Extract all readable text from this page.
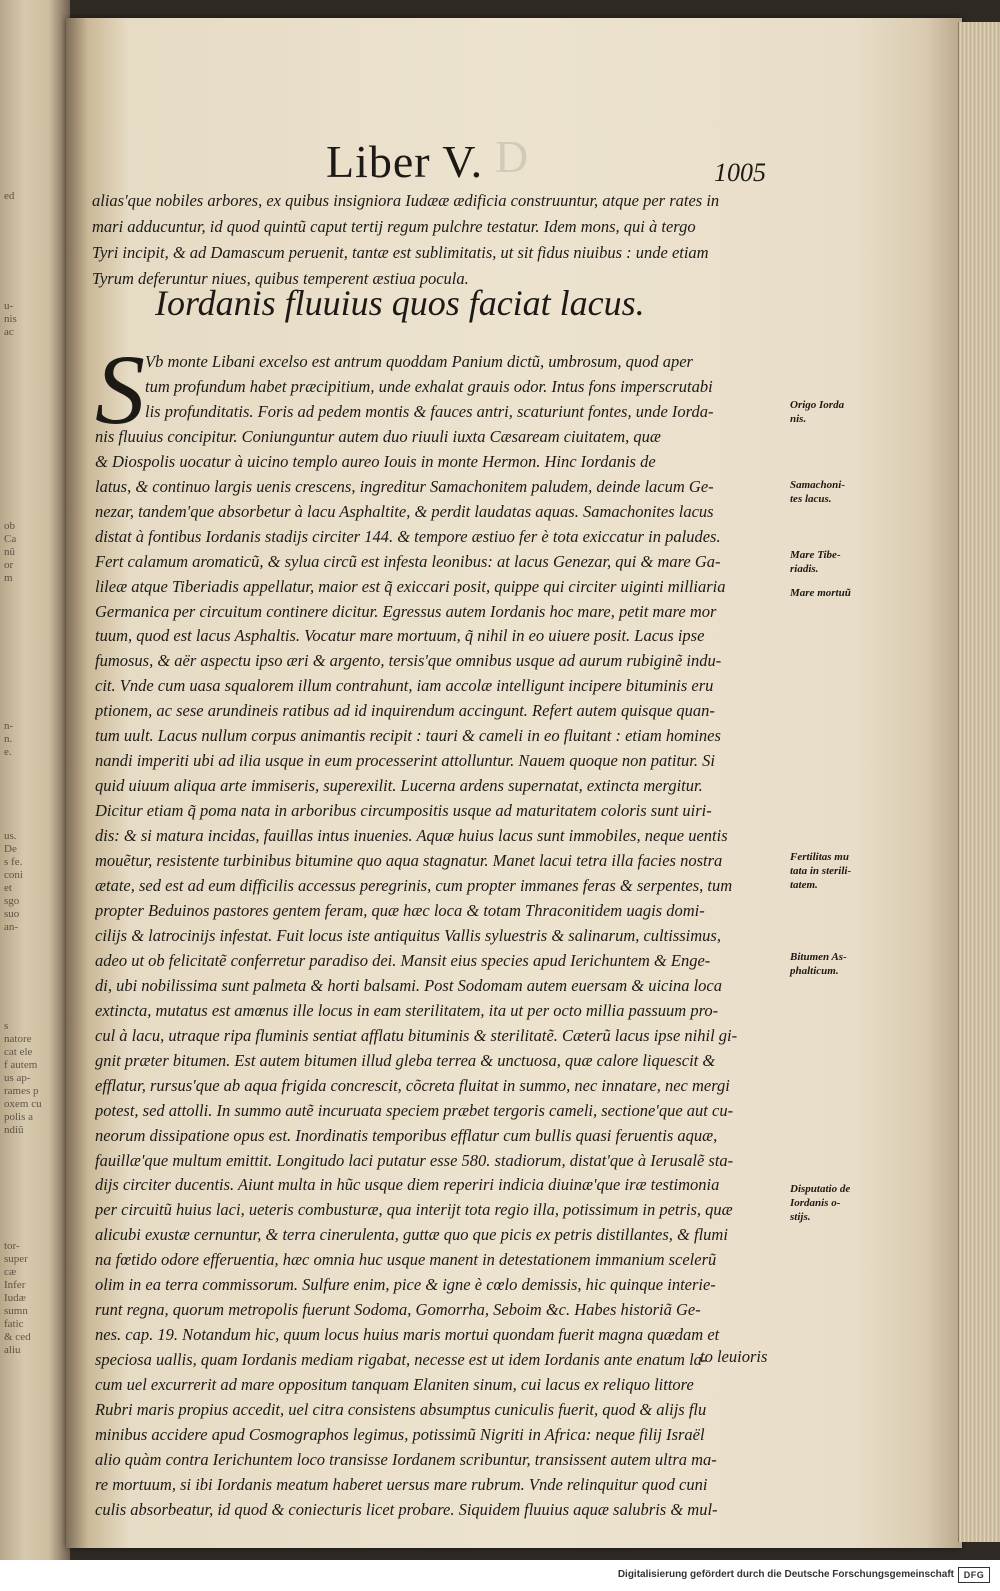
ed
u-
nis
ac
ob
Ca
nũ
or
m
n-
n.
e.
us.
De
s fe.
coni
et
sgo
suo
an-
s
natore
cat ele
f autem
us ap-
rames p
oxem cu
polis a
ndiũ
tor-
super
cæ
Infer
Iudæ
sumn
fatic
& ced
aliu
D
Liber V.	1005
alias'que nobiles arbores, ex quibus insigniora Iudææ ædificia construuntur, atque per rates in
mari adducuntur, id quod quintũ caput tertij regum pulchre testatur. Idem mons, qui à tergo
Tyri incipit, & ad Damascum peruenit, tantæ est sublimitatis, ut sit fidus niuibus : unde etiam
Tyrum deferuntur niues, quibus temperent æstiua pocula.
Iordanis fluuius quos faciat lacus.
S Vb monte Libani excelso est antrum quoddam Panium dictũ, umbrosum, quod aper
tum profundum habet præcipitium, unde exhalat grauis odor. Intus fons imperscrutabi
lis profunditatis. Foris ad pedem montis & fauces antri, scaturiunt fontes, unde Iorda-
nis fluuius concipitur. Coniunguntur autem duo riuuli iuxta Cæsaream ciuitatem, quæ
& Diospolis uocatur à uicino templo aureo Iouis in monte Hermon. Hinc Iordanis de
latus, & continuo largis uenis crescens, ingreditur Samachonitem paludem, deinde lacum Ge-
nezar, tandem'que absorbetur à lacu Asphaltite, & perdit laudatas aquas. Samachonites lacus
distat à fontibus Iordanis stadijs circiter 144. & tempore æstiuo fer è tota exiccatur in paludes.
Fert calamum aromaticũ, & sylua circũ est infesta leonibus: at lacus Genezar, qui & mare Ga-
lileæ atque Tiberiadis appellatur, maior est q̃ exiccari posit, quippe qui circiter uiginti milliaria
Germanica per circuitum continere dicitur. Egressus autem Iordanis hoc mare, petit mare mor
tuum, quod est lacus Asphaltis. Vocatur mare mortuum, q̃ nihil in eo uiuere posit. Lacus ipse
fumosus, & aër aspectu ipso æri & argento, tersis'que omnibus usque ad aurum rubiginẽ indu-
cit. Vnde cum uasa squalorem illum contrahunt, iam accolæ intelligunt incipere bituminis eru
ptionem, ac sese arundineis ratibus ad id inquirendum accingunt. Refert autem quisque quan-
tum uult. Lacus nullum corpus animantis recipit : tauri & cameli in eo fluitant : etiam homines
nandi imperiti ubi ad ilia usque in eum processerint attolluntur. Nauem quoque non patitur. Si
quid uiuum aliqua arte immiseris, superexilit. Lucerna ardens supernatat, extincta mergitur.
Dicitur etiam q̃ poma nata in arboribus circumpositis usque ad maturitatem coloris sunt uiri-
dis: & si matura incidas, fauillas intus inuenies. Aquæ huius lacus sunt immobiles, neque uentis
mouẽtur, resistente turbinibus bitumine quo aqua stagnatur. Manet lacui tetra illa facies nostra
ætate, sed est ad eum difficilis accessus peregrinis, cum propter immanes feras & serpentes, tum
propter Beduinos pastores gentem feram, quæ hæc loca & totam Thraconitidem uagis domi-
cilijs & latrocinijs infestat. Fuit locus iste antiquitus Vallis syluestris & salinarum, cultissimus,
adeo ut ob felicitatẽ conferretur paradiso dei. Mansit eius species apud Ierichuntem & Enge-
di, ubi nobilissima sunt palmeta & horti balsami. Post Sodomam autem euersam & uicina loca
extincta, mutatus est amœnus ille locus in eam sterilitatem, ita ut per octo millia passuum pro-
cul à lacu, utraque ripa fluminis sentiat afflatu bituminis & sterilitatẽ. Cæterũ lacus ipse nihil gi-
gnit præter bitumen. Est autem bitumen illud gleba terrea & unctuosa, quæ calore liquescit &
efflatur, rursus'que ab aqua frigida concrescit, cõcreta fluitat in summo, nec innatare, nec mergi
potest, sed attolli. In summo autẽ incuruata speciem præbet tergoris cameli, sectione'que aut cu-
neorum dissipatione opus est. Inordinatis temporibus efflatur cum bullis quasi feruentis aquæ,
fauillæ'que multum emittit. Longitudo laci putatur esse 580. stadiorum, distat'que à Ierusalẽ sta-
dijs circiter ducentis. Aiunt multa in hũc usque diem reperiri indicia diuinæ'que iræ testimonia
per circuitũ huius laci, ueteris combusturæ, qua interijt tota regio illa, potissimum in petris, quæ
alicubi exustæ cernuntur, & terra cinerulenta, guttæ quo que picis ex petris distillantes, & flumi
na fœtido odore efferuentia, hæc omnia huc usque manent in detestationem immanium scelerũ
olim in ea terra commissorum. Sulfure enim, pice & igne è cœlo demissis, hic quinque interie-
runt regna, quorum metropolis fuerunt Sodoma, Gomorrha, Seboim &c. Habes historiã Ge-
nes. cap. 19. Notandum hic, quum locus huius maris mortui quondam fuerit magna quædam et
speciosa uallis, quam Iordanis mediam rigabat, necesse est ut idem Iordanis ante enatum la-
cum uel excurrerit ad mare oppositum tanquam Elaniten sinum, cui lacus ex reliquo littore
Rubri maris propius accedit, uel citra consistens absumptus cuniculis fuerit, quod & alijs flu
minibus accidere apud Cosmographos legimus, potissimũ Nigriti in Africa: neque filij Israël
alio quàm contra Ierichuntem loco transisse Iordanem scribuntur, transissent autem ultra ma-
re mortuum, si ibi Iordanis meatum haberet uersus mare rubrum. Vnde relinquitur quod cuni
culis absorbeatur, id quod & coniecturis licet probare. Siquidem fluuius aquæ salubris & mul-
Origo Iorda
nis.
Samachoni-
tes lacus.
Mare Tibe-
riadis.
Mare mortuũ
Fertilitas mu
tata in sterili-
tatem.
Bitumen As-
phalticum.
Disputatio de
Iordanis o-
stijs.
to leuioris
Digitalisierung gefördert durch die Deutsche Forschungsgemeinschaft	DFG
